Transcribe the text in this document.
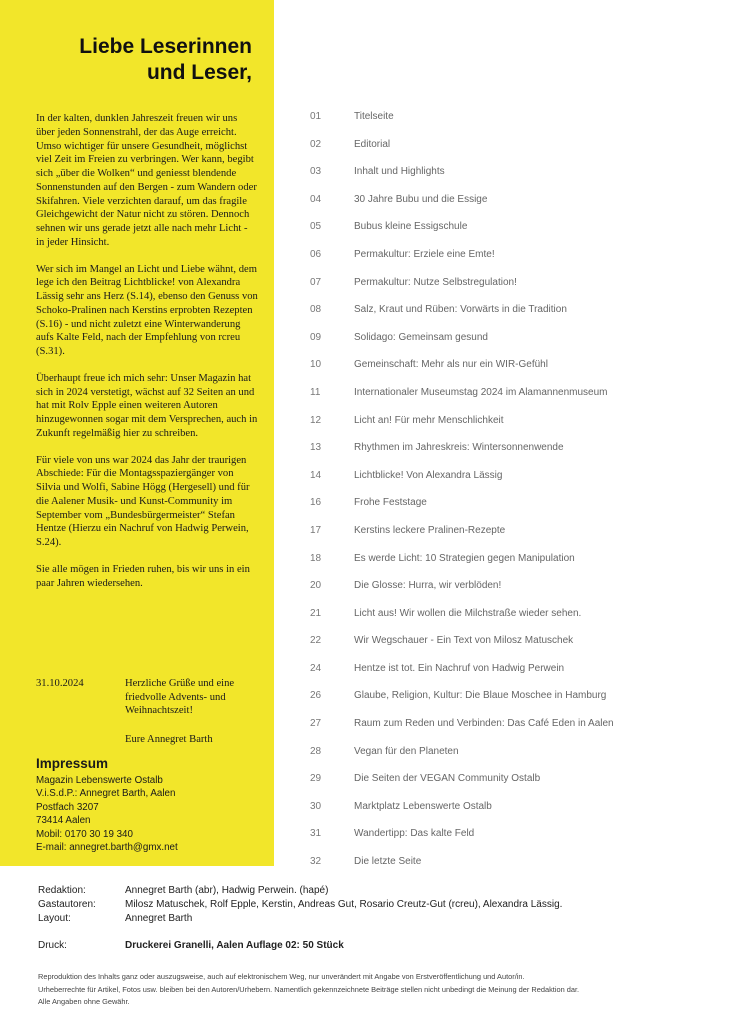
Liebe Leserinnen
und Leser,

In der kalten, dunklen Jahreszeit freuen wir uns über jeden Sonnenstrahl, der das Auge erreicht. Umso wichtiger für unsere Gesundheit, möglichst viel Zeit im Freien zu verbringen. Wer kann, begibt sich „über die Wolken“ und geniesst blendende Sonnenstunden auf den Bergen - zum Wandern oder Skifahren. Viele verzichten darauf, um das fragile Gleichgewicht der Natur nicht zu stören. Dennoch sehnen wir uns gerade jetzt alle nach mehr Licht - in jeder Hinsicht.

Wer sich im Mangel an Licht und Liebe wähnt, dem lege ich den Beitrag Lichtblicke! von Alexandra Lässig sehr ans Herz (S.14), ebenso den Genuss von Schoko-Pralinen nach Kerstins erprobten Rezepten (S.16) - und nicht zuletzt eine Winterwanderung aufs Kalte Feld, nach der Empfehlung von rcreu (S.31).

Überhaupt freue ich mich sehr: Unser Magazin hat sich in 2024 verstetigt, wächst auf 32 Seiten an und hat mit Rolv Epple einen weiteren Autoren hinzugewonnen sogar mit dem Versprechen, auch in Zukunft regelmäßig hier zu schreiben.

Für viele von uns war 2024 das Jahr der traurigen Abschiede: Für die Montagsspaziergänger von Silvia und Wolfi, Sabine Högg (Hergesell) und für die Aalener Musik- und Kunst-Community im September vom „Bundesbürgermeister“ Stefan Hentze (Hierzu ein Nachruf von Hadwig Perwein, S.24).

Sie alle mögen in Frieden ruhen, bis wir uns in ein paar Jahren wiedersehen.

31.10.2024	Herzliche Grüße und eine friedvolle Advents- und Weihnachtszeit!
Eure Annegret Barth
Impressum
Magazin Lebenswerte Ostalb
V.i.S.d.P.: Annegret Barth, Aalen
Postfach 3207
73414 Aalen
Mobil: 0170 30 19 340
E-mail: annegret.barth@gmx.net
01	Titelseite
02	Editorial
03	Inhalt und Highlights
04	30 Jahre Bubu und die Essige
05	Bubus kleine Essigschule
06	Permakultur: Erziele eine Emte!
07	Permakultur: Nutze Selbstregulation!
08	Salz, Kraut und Rüben: Vorwärts in die Tradition
09	Solidago: Gemeinsam gesund
10	Gemeinschaft: Mehr als nur ein WIR-Gefühl
11	Internationaler Museumstag 2024 im Alamannenmuseum
12	Licht an! Für mehr Menschlichkeit
13	Rhythmen im Jahreskreis: Wintersonnenwende
14	Lichtblicke! Von Alexandra Lässig
16	Frohe Feststage
17	Kerstins leckere Pralinen-Rezepte
18	Es werde Licht: 10 Strategien gegen Manipulation
20	Die Glosse: Hurra, wir verblöden!
21	Licht aus! Wir wollen die Milchstraße wieder sehen.
22	Wir Wegschauer - Ein Text von Milosz Matuschek
24	Hentze ist tot. Ein Nachruf von Hadwig Perwein
26	Glaube, Religion, Kultur: Die Blaue Moschee in Hamburg
27	Raum zum Reden und Verbinden: Das Café Eden in Aalen
28	Vegan für den Planeten
29	Die Seiten der VEGAN Community Ostalb
30	Marktplatz Lebenswerte Ostalb
31	Wandertipp: Das kalte Feld
32	Die letzte Seite
Redaktion:	Annegret Barth (abr), Hadwig Perwein. (hapé)
Gastautoren:	Milosz Matuschek, Rolf Epple, Kerstin, Andreas Gut, Rosario Creutz-Gut (rcreu), Alexandra Lässig.
Layout:	Annegret Barth
Druck:	Druckerei Granelli, Aalen Auflage 02: 50 Stück
Reproduktion des Inhalts ganz oder auszugsweise, auch auf elektronischem Weg, nur unverändert mit Angabe von Erstveröffentlichung und Autor/in.
Urheberrechte für Artikel, Fotos usw. bleiben bei den Autoren/Urhebern. Namentlich gekennzeichnete Beiträge stellen nicht unbedingt die Meinung der Redaktion dar.
Alle Angaben ohne Gewähr.
